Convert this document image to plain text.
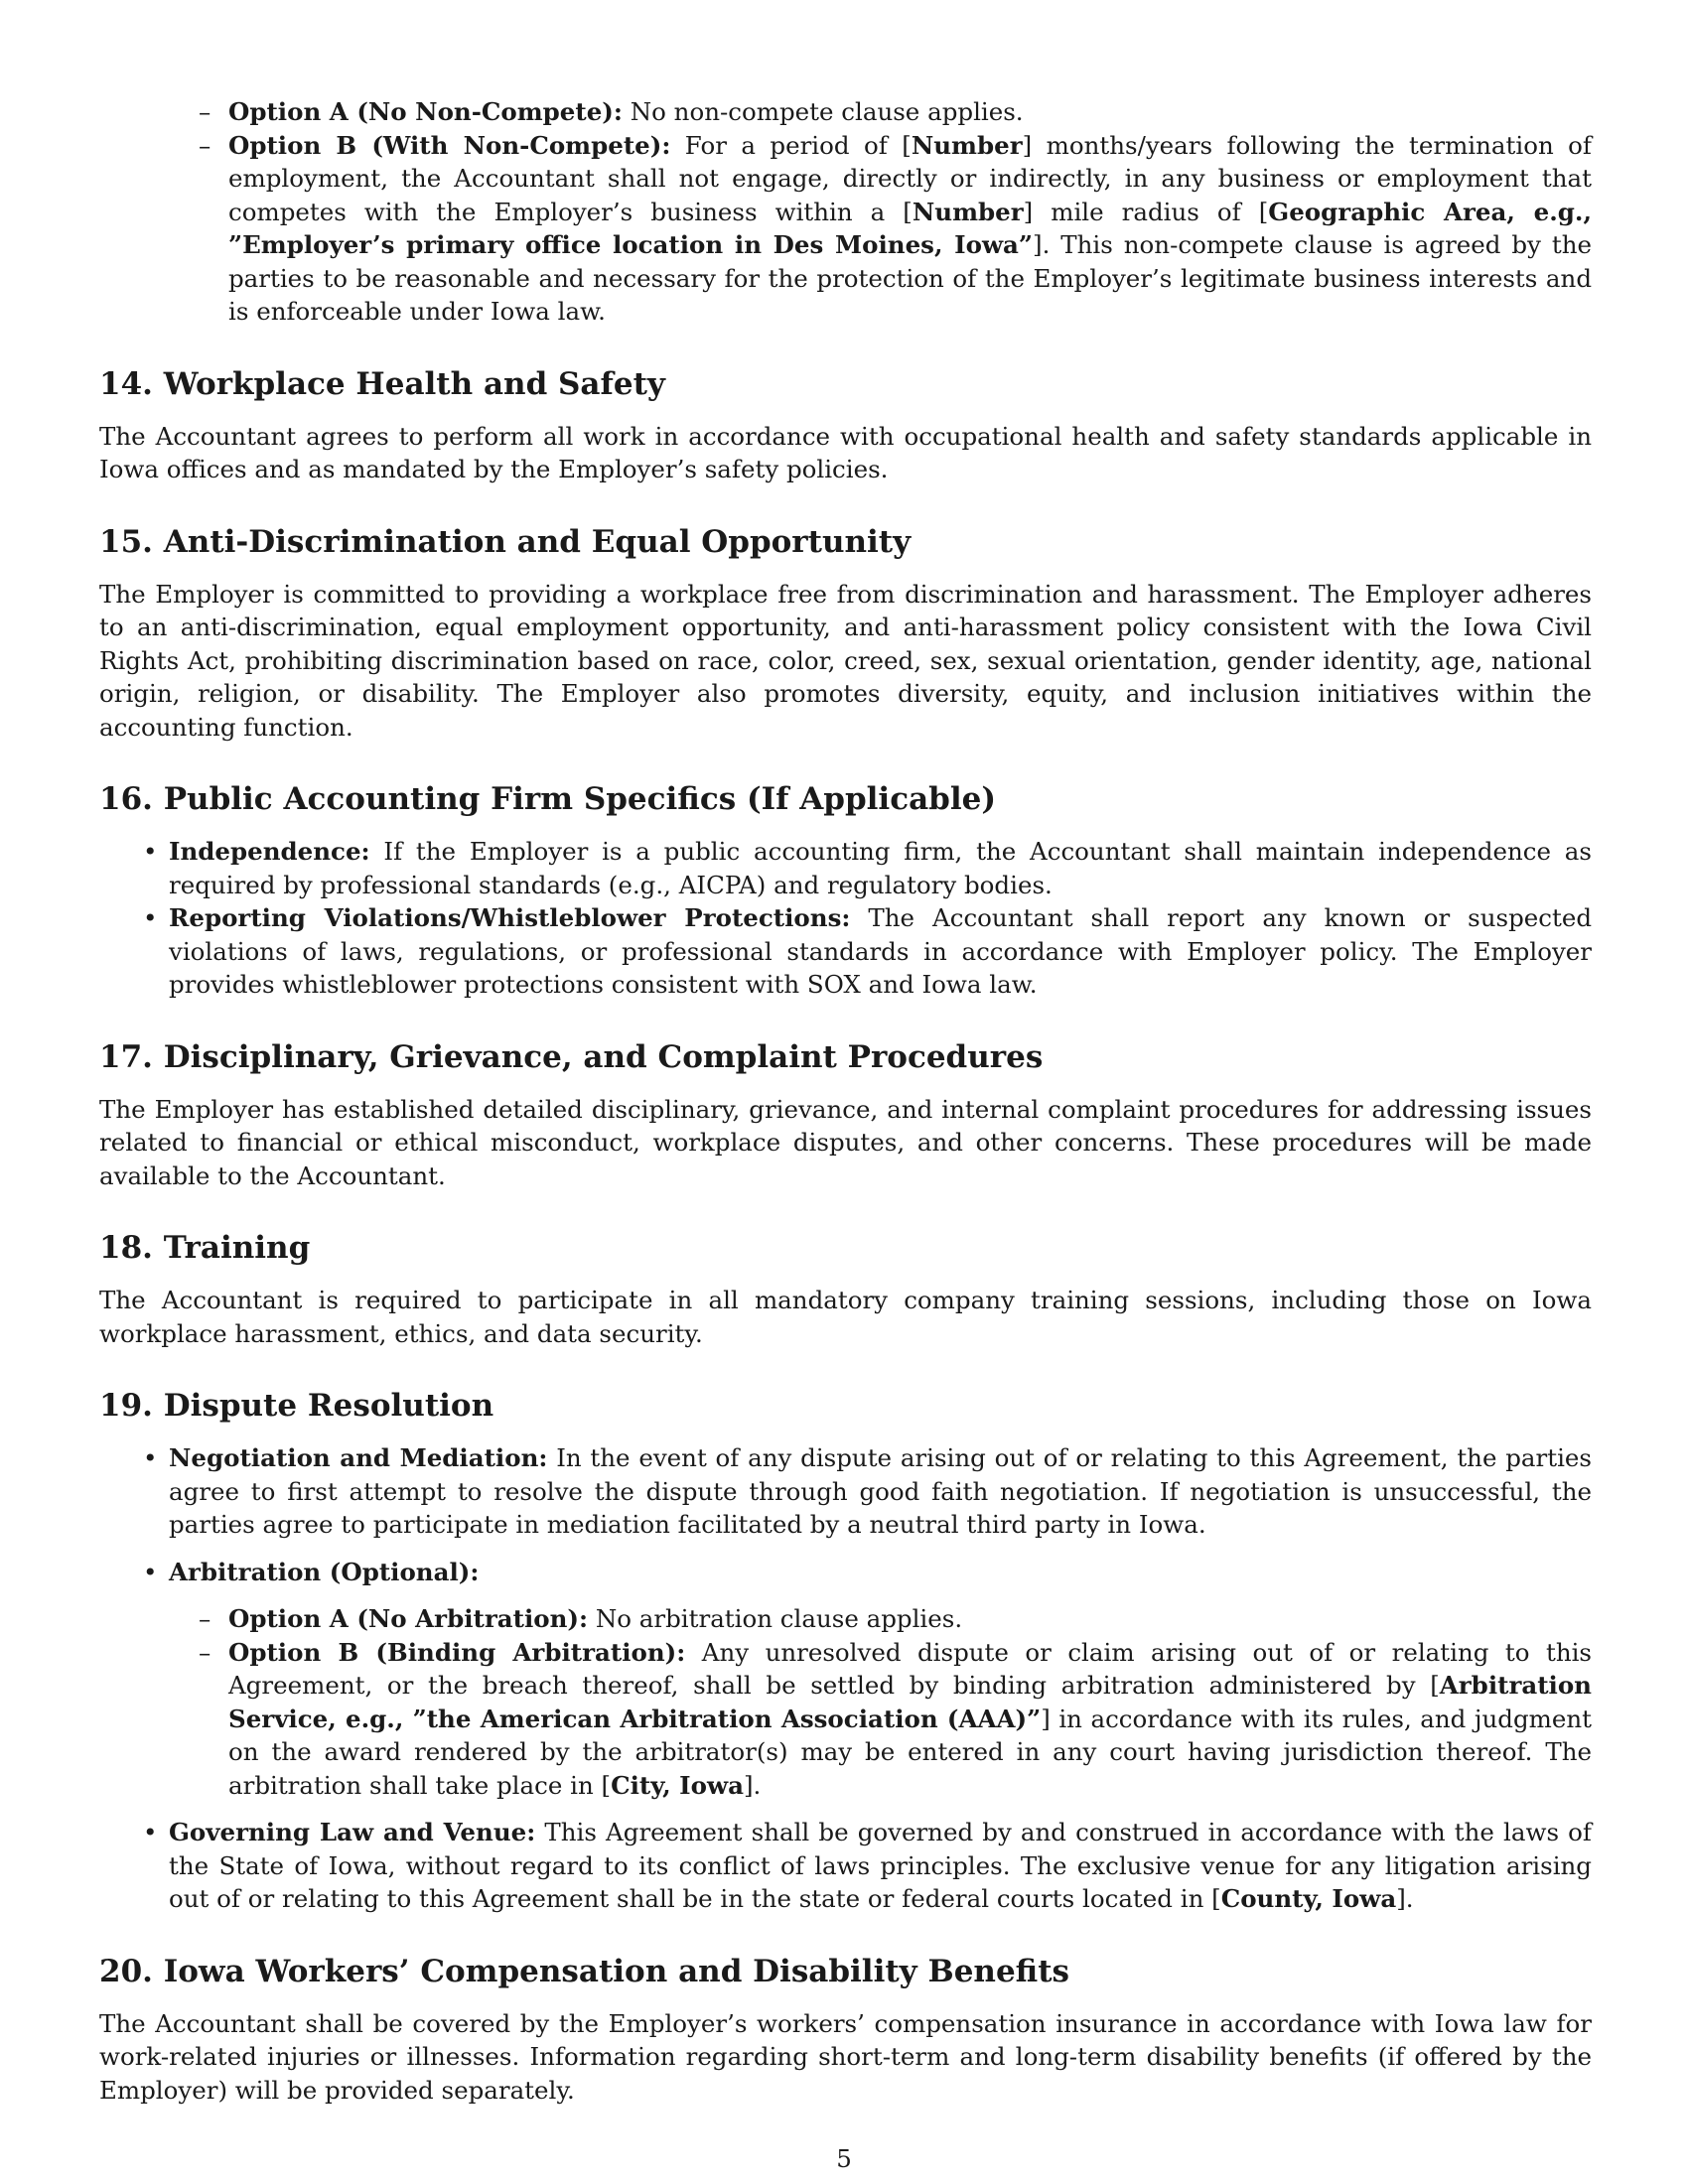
– Option A (No Non-Compete): No non-compete clause applies.
– Option B (With Non-Compete): For a period of [Number] months/years following the termination of employment, the Accountant shall not engage, directly or indirectly, in any business or employment that competes with the Employer’s business within a [Number] mile radius of [Geographic Area, e.g., ”Employer’s primary office location in Des Moines, Iowa”]. This non-compete clause is agreed by the parties to be reasonable and necessary for the protection of the Employer’s legitimate business interests and is enforceable under Iowa law.
14. Workplace Health and Safety

The Accountant agrees to perform all work in accordance with occupational health and safety standards applicable in Iowa offices and as mandated by the Employer’s safety policies.

15. Anti-Discrimination and Equal Opportunity

The Employer is committed to providing a workplace free from discrimination and harassment. The Employer adheres to an anti-discrimination, equal employment opportunity, and anti-harassment policy consistent with the Iowa Civil Rights Act, prohibiting discrimination based on race, color, creed, sex, sexual orientation, gender identity, age, national origin, religion, or disability. The Employer also promotes diversity, equity, and inclusion initiatives within the accounting function.

16. Public Accounting Firm Specifics (If Applicable)
• Independence: If the Employer is a public accounting firm, the Accountant shall maintain independence as required by professional standards (e.g., AICPA) and regulatory bodies.
• Reporting Violations/Whistleblower Protections: The Accountant shall report any known or suspected violations of laws, regulations, or professional standards in accordance with Employer policy. The Employer provides whistleblower protections consistent with SOX and Iowa law.
17. Disciplinary, Grievance, and Complaint Procedures

The Employer has established detailed disciplinary, grievance, and internal complaint procedures for addressing issues related to financial or ethical misconduct, workplace disputes, and other concerns. These procedures will be made available to the Accountant.

18. Training

The Accountant is required to participate in all mandatory company training sessions, including those on Iowa workplace harassment, ethics, and data security.

19. Dispute Resolution
• Negotiation and Mediation: In the event of any dispute arising out of or relating to this Agreement, the parties agree to first attempt to resolve the dispute through good faith negotiation. If negotiation is unsuccessful, the parties agree to participate in mediation facilitated by a neutral third party in Iowa.
• Arbitration (Optional):
– Option A (No Arbitration): No arbitration clause applies.
– Option B (Binding Arbitration): Any unresolved dispute or claim arising out of or relating to this Agreement, or the breach thereof, shall be settled by binding arbitration administered by [Arbitration Service, e.g., ”the American Arbitration Association (AAA)”] in accordance with its rules, and judgment on the award rendered by the arbitrator(s) may be entered in any court having jurisdiction thereof. The arbitration shall take place in [City, Iowa].
• Governing Law and Venue: This Agreement shall be governed by and construed in accordance with the laws of the State of Iowa, without regard to its conflict of laws principles. The exclusive venue for any litigation arising out of or relating to this Agreement shall be in the state or federal courts located in [County, Iowa].
20. Iowa Workers’ Compensation and Disability Benefits

The Accountant shall be covered by the Employer’s workers’ compensation insurance in accordance with Iowa law for work-related injuries or illnesses. Information regarding short-term and long-term disability benefits (if offered by the Employer) will be provided separately.

5
